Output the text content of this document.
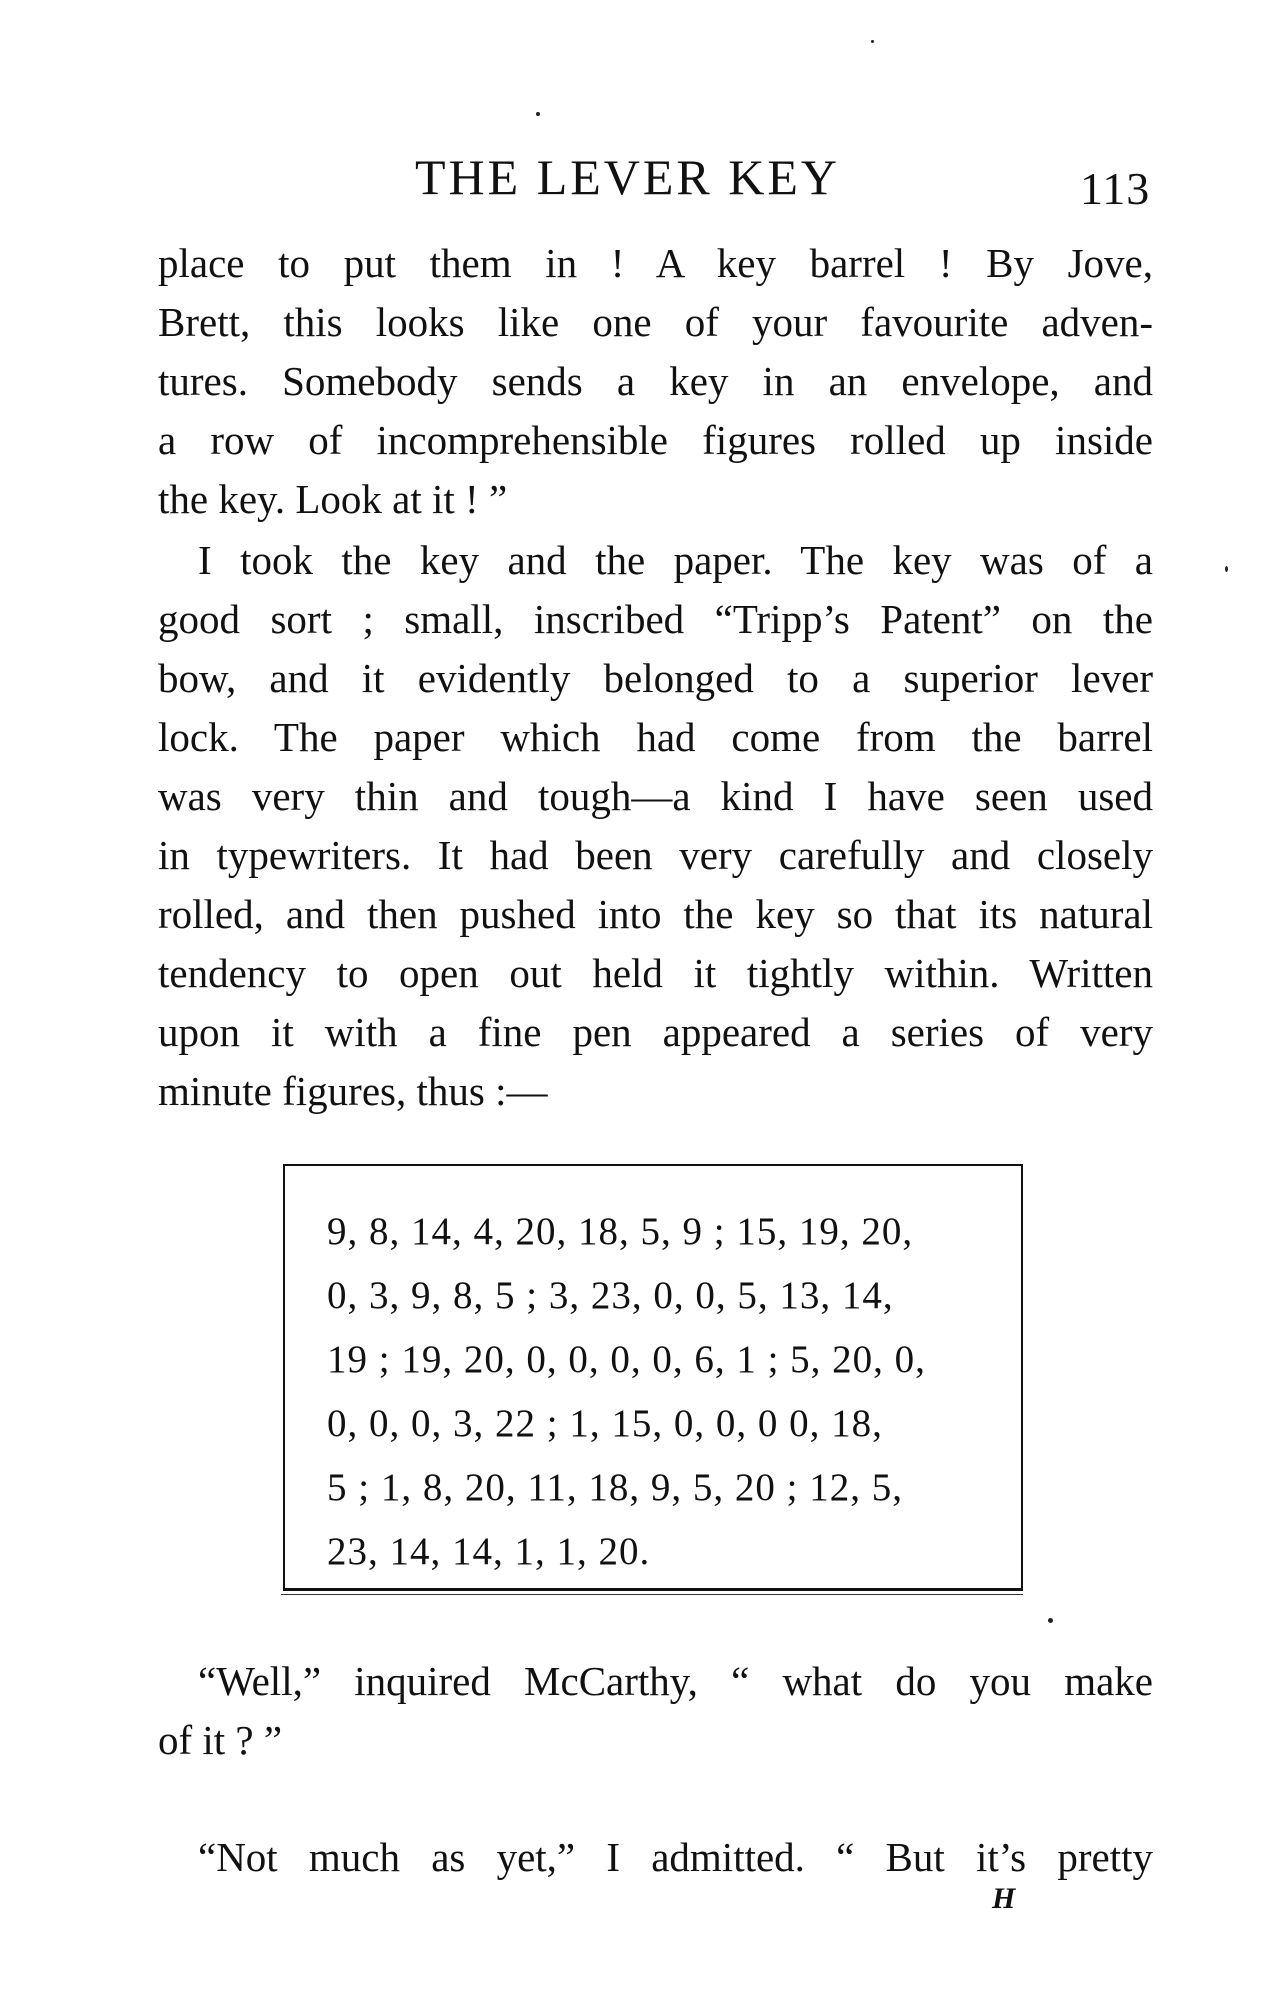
THE LEVER KEY	113
place to put them in ! A key barrel ! By Jove,
Brett, this looks like one of your favourite adven-
tures. Somebody sends a key in an envelope, and
a row of incomprehensible figures rolled up inside
the key. Look at it ! ”
I took the key and the paper. The key was of a
good sort ; small, inscribed “Tripp’s Patent” on the
bow, and it evidently belonged to a superior lever
lock. The paper which had come from the barrel
was very thin and tough—a kind I have seen used
in typewriters. It had been very carefully and closely
rolled, and then pushed into the key so that its natural
tendency to open out held it tightly within. Written
upon it with a fine pen appeared a series of very
minute figures, thus :—
9, 8, 14, 4, 20, 18, 5, 9 ; 15, 19, 20,
0, 3, 9, 8, 5 ; 3, 23, 0, 0, 5, 13, 14,
19 ; 19, 20, 0, 0, 0, 0, 6, 1 ; 5, 20, 0,
0, 0, 0, 3, 22 ; 1, 15, 0, 0, 0 0, 18,
5 ; 1, 8, 20, 11, 18, 9, 5, 20 ; 12, 5,
23, 14, 14, 1, 1, 20.
“Well,” inquired McCarthy, “ what do you make
of it ? ”
“Not much as yet,” I admitted. “ But it’s pretty
H
